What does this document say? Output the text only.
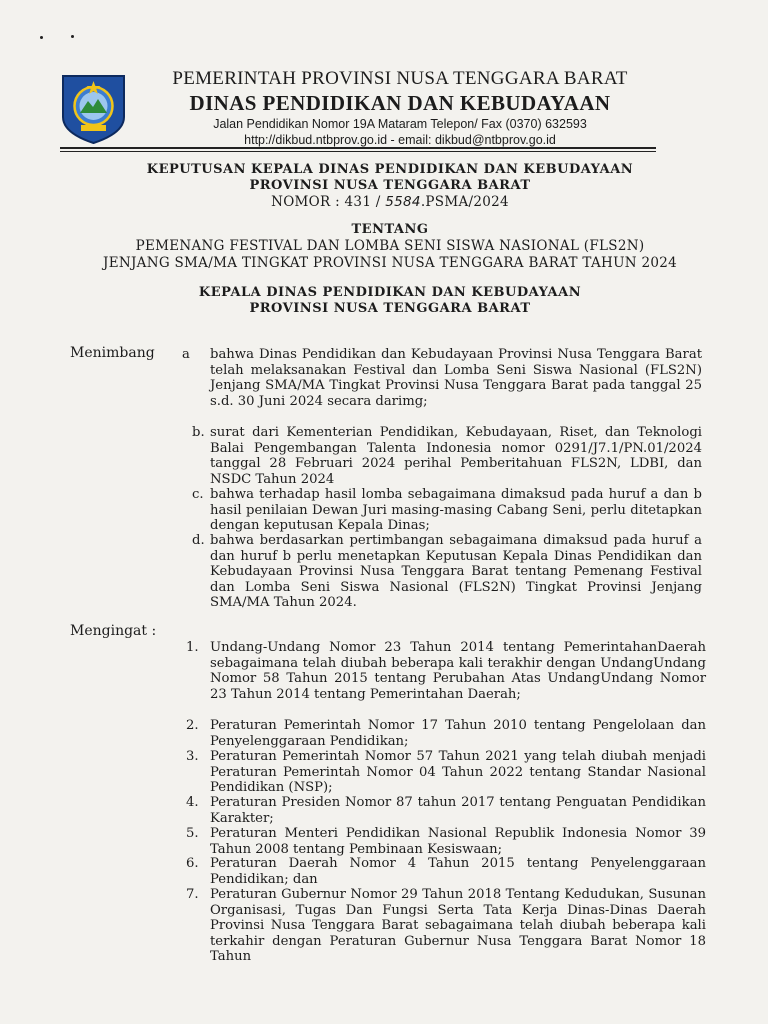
PEMERINTAH PROVINSI NUSA TENGGARA BARAT
DINAS PENDIDIKAN DAN KEBUDAYAAN
Jalan Pendidikan Nomor 19A Mataram Telepon/ Fax (0370) 632593
http://dikbud.ntbprov.go.id - email: dikbud@ntbprov.go.id
KEPUTUSAN KEPALA DINAS PENDIDIKAN DAN KEBUDAYAAN
PROVINSI NUSA TENGGARA BARAT
NOMOR : 431 / 5584.PSMA/2024
TENTANG
PEMENANG FESTIVAL DAN LOMBA SENI SISWA NASIONAL (FLS2N)
JENJANG SMA/MA TINGKAT PROVINSI NUSA TENGGARA BARAT TAHUN 2024
KEPALA DINAS PENDIDIKAN DAN KEBUDAYAAN
PROVINSI NUSA TENGGARA BARAT
Menimbang a bahwa Dinas Pendidikan dan Kebudayaan Provinsi Nusa Tenggara Barat telah melaksanakan Festival dan Lomba Seni Siswa Nasional (FLS2N) Jenjang SMA/MA Tingkat Provinsi Nusa Tenggara Barat pada tanggal 25 s.d. 30 Juni 2024 secara darimg;
b. surat dari Kementerian Pendidikan, Kebudayaan, Riset, dan Teknologi Balai Pengembangan Talenta Indonesia nomor 0291/J7.1/PN.01/2024 tanggal 28 Februari 2024 perihal Pemberitahuan FLS2N, LDBI, dan NSDC Tahun 2024
c. bahwa terhadap hasil lomba sebagaimana dimaksud pada huruf a dan b hasil penilaian Dewan Juri masing-masing Cabang Seni, perlu ditetapkan dengan keputusan Kepala Dinas;
d. bahwa berdasarkan pertimbangan sebagaimana dimaksud pada huruf a dan huruf b perlu menetapkan Keputusan Kepala Dinas Pendidikan dan Kebudayaan Provinsi Nusa Tenggara Barat tentang Pemenang Festival dan Lomba Seni Siswa Nasional (FLS2N) Tingkat Provinsi Jenjang SMA/MA Tahun 2024.
Mengingat :
1. Undang-Undang Nomor 23 Tahun 2014 tentang PemerintahanDaerah sebagaimana telah diubah beberapa kali terakhir dengan UndangUndang Nomor 58 Tahun 2015 tentang Perubahan Atas UndangUndang Nomor 23 Tahun 2014 tentang Pemerintahan Daerah;
2. Peraturan Pemerintah Nomor 17 Tahun 2010 tentang Pengelolaan dan Penyelenggaraan Pendidikan;
3. Peraturan Pemerintah Nomor 57 Tahun 2021 yang telah diubah menjadi Peraturan Pemerintah Nomor 04 Tahun 2022 tentang Standar Nasional Pendidikan (NSP);
4. Peraturan Presiden Nomor 87 tahun 2017 tentang Penguatan Pendidikan Karakter;
5. Peraturan Menteri Pendidikan Nasional Republik Indonesia Nomor 39 Tahun 2008 tentang Pembinaan Kesiswaan;
6. Peraturan Daerah Nomor 4 Tahun 2015 tentang Penyelenggaraan Pendidikan; dan
7. Peraturan Gubernur Nomor 29 Tahun 2018 Tentang Kedudukan, Susunan Organisasi, Tugas Dan Fungsi Serta Tata Kerja Dinas-Dinas Daerah Provinsi Nusa Tenggara Barat sebagaimana telah diubah beberapa kali terkahir dengan Peraturan Gubernur Nusa Tenggara Barat Nomor 18 Tahun
